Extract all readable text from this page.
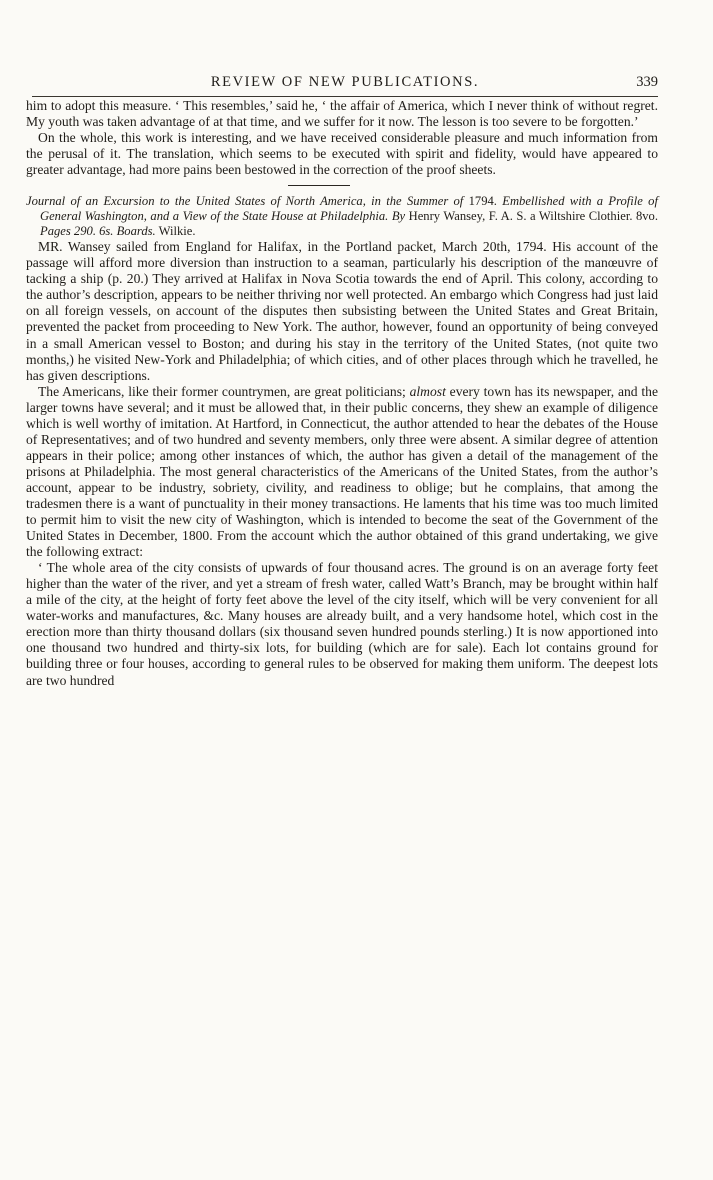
REVIEW OF NEW PUBLICATIONS.	339

him to adopt this measure. ‘ This resembles,’ said he, ‘ the affair of America, which I never think of without regret. My youth was taken advantage of at that time, and we suffer for it now. The lesson is too severe to be forgotten.’

On the whole, this work is interesting, and we have received considerable pleasure and much information from the perusal of it. The translation, which seems to be executed with spirit and fidelity, would have appeared to greater advantage, had more pains been bestowed in the correction of the proof sheets.

Journal of an Excursion to the United States of North America, in the Summer of 1794. Embellished with a Profile of General Washington, and a View of the State House at Philadelphia. By Henry Wansey, F. A. S. a Wiltshire Clothier. 8vo. Pages 290. 6s. Boards. Wilkie.

MR. Wansey sailed from England for Halifax, in the Portland packet, March 20th, 1794. His account of the passage will afford more diversion than instruction to a seaman, particularly his description of the manœuvre of tacking a ship (p. 20.) They arrived at Halifax in Nova Scotia towards the end of April. This colony, according to the author’s description, appears to be neither thriving nor well protected. An embargo which Congress had just laid on all foreign vessels, on account of the disputes then subsisting between the United States and Great Britain, prevented the packet from proceeding to New York. The author, however, found an opportunity of being conveyed in a small American vessel to Boston; and during his stay in the territory of the United States, (not quite two months,) he visited New-York and Philadelphia; of which cities, and of other places through which he travelled, he has given descriptions.

The Americans, like their former countrymen, are great politicians; almost every town has its newspaper, and the larger towns have several; and it must be allowed that, in their public concerns, they shew an example of diligence which is well worthy of imitation. At Hartford, in Connecticut, the author attended to hear the debates of the House of Representatives; and of two hundred and seventy members, only three were absent. A similar degree of attention appears in their police; among other instances of which, the author has given a detail of the management of the prisons at Philadelphia. The most general characteristics of the Americans of the United States, from the author’s account, appear to be industry, sobriety, civility, and readiness to oblige; but he complains, that among the tradesmen there is a want of punctuality in their money transactions. He laments that his time was too much limited to permit him to visit the new city of Washington, which is intended to become the seat of the Government of the United States in December, 1800. From the account which the author obtained of this grand undertaking, we give the following extract:

‘ The whole area of the city consists of upwards of four thousand acres. The ground is on an average forty feet higher than the water of the river, and yet a stream of fresh water, called Watt’s Branch, may be brought within half a mile of the city, at the height of forty feet above the level of the city itself, which will be very convenient for all water-works and manufactures, &c. Many houses are already built, and a very handsome hotel, which cost in the erection more than thirty thousand dollars (six thousand seven hundred pounds sterling.) It is now apportioned into one thousand two hundred and thirty-six lots, for building (which are for sale). Each lot contains ground for building three or four houses, according to general rules to be observed for making them uniform. The deepest lots are two hundred
